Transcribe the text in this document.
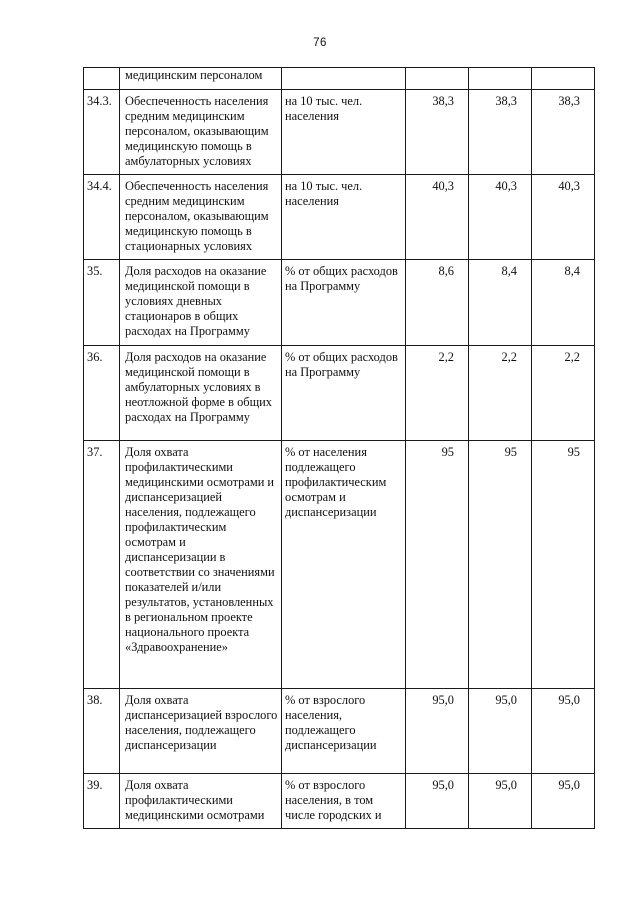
76
	медицинским персоналом				
34.3.	Обеспеченность населения средним медицинским персоналом, оказывающим медицинскую помощь в амбулаторных условиях	на 10 тыс. чел. населения	38,3	38,3	38,3
34.4.	Обеспеченность населения средним медицинским персоналом, оказывающим медицинскую помощь в стационарных условиях	на 10 тыс. чел. населения	40,3	40,3	40,3
35.	Доля расходов на оказание медицинской помощи в условиях дневных стационаров в общих расходах на Программу	% от общих расходов на Программу	8,6	8,4	8,4
36.	Доля расходов на оказание медицинской помощи в амбулаторных условиях в неотложной форме в общих расходах на Программу	% от общих расходов на Программу	2,2	2,2	2,2
37.	Доля охвата профилактическими медицинскими осмотрами и диспансеризацией населения, подлежащего профилактическим осмотрам и диспансеризации в соответствии со значениями показателей и/или результатов, установленных в региональном проекте национального проекта «Здравоохранение»	% от населения подлежащего профилактическим осмотрам и диспансеризации	95	95	95
38.	Доля охвата диспансеризацией взрослого населения, подлежащего диспансеризации	% от взрослого населения, подлежащего диспансеризации	95,0	95,0	95,0
39.	Доля охвата профилактическими медицинскими осмотрами	% от взрослого населения, в том числе городских и	95,0	95,0	95,0
